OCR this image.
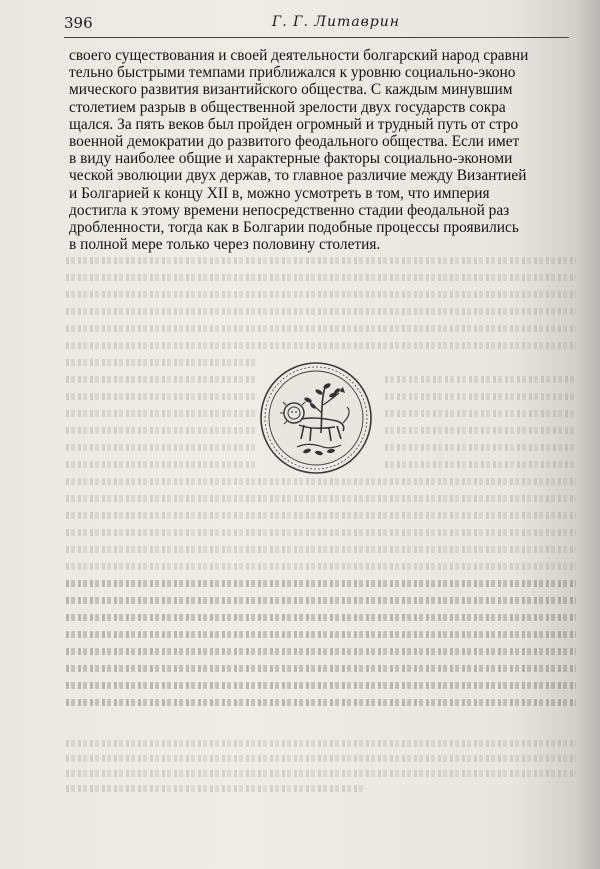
396	Г. Г. Литаврин

своего существования и своей деятельности болгарский народ сравни
тельно быстрыми темпами приближался к уровню социально-эконо
мического развития византийского общества. С каждым минувшим
столетием разрыв в общественной зрелости двух государств сокра
щался. За пять веков был пройден огромный и трудный путь от стро
военной демократии до развитого феодального общества. Если имет
в виду наиболее общие и характерные факторы социально-экономи
ческой эволюции двух держав, то главное различие между Византией
и Болгарией к концу XII в, можно усмотреть в том, что империя
достигла к этому времени непосредственно стадии феодальной раз
дробленности, тогда как в Болгарии подобные процессы проявились
в полной мере только через половину столетия.
